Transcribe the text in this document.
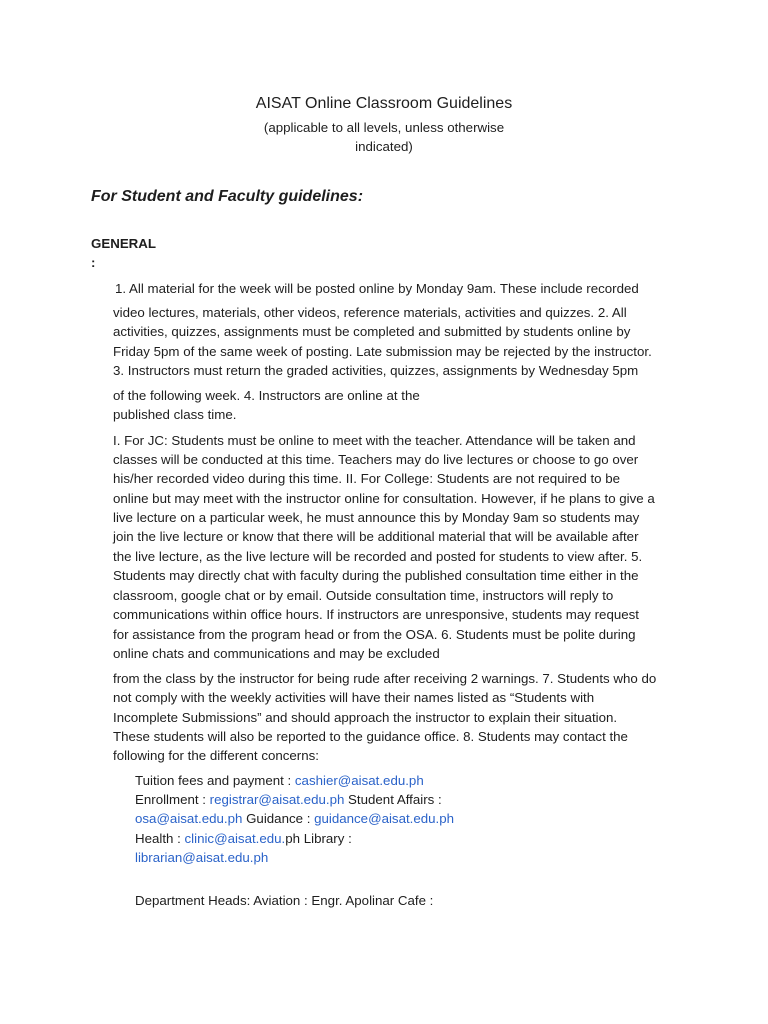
AISAT Online Classroom Guidelines
(applicable to all levels, unless otherwise
indicated)
For Student and Faculty guidelines:
GENERAL
:
1. All material for the week will be posted online by Monday 9am. These include recorded
video lectures, materials, other videos, reference materials, activities and quizzes. 2. All
activities, quizzes, assignments must be completed and submitted by students online by
Friday 5pm of the same week of posting. Late submission may be rejected by the instructor.
3. Instructors must return the graded activities, quizzes, assignments by Wednesday 5pm
of the following week. 4. Instructors are online at the
published class time.
I. For JC: Students must be online to meet with the teacher. Attendance will be taken and
classes will be conducted at this time. Teachers may do live lectures or choose to go over
his/her recorded video during this time. II. For College: Students are not required to be
online but may meet with the instructor online for consultation. However, if he plans to give a
live lecture on a particular week, he must announce this by Monday 9am so students may
join the live lecture or know that there will be additional material that will be available after
the live lecture, as the live lecture will be recorded and posted for students to view after. 5.
Students may directly chat with faculty during the published consultation time either in the
classroom, google chat or by email. Outside consultation time, instructors will reply to
communications within office hours. If instructors are unresponsive, students may request
for assistance from the program head or from the OSA. 6. Students must be polite during
online chats and communications and may be excluded
from the class by the instructor for being rude after receiving 2 warnings. 7. Students who do
not comply with the weekly activities will have their names listed as “Students with
Incomplete Submissions” and should approach the instructor to explain their situation.
These students will also be reported to the guidance office. 8. Students may contact the
following for the different concerns:
Tuition fees and payment : cashier@aisat.edu.ph
Enrollment : registrar@aisat.edu.ph Student Affairs :
osa@aisat.edu.ph Guidance : guidance@aisat.edu.ph
Health : clinic@aisat.edu.ph Library :
librarian@aisat.edu.ph
Department Heads: Aviation : Engr. Apolinar Cafe :
